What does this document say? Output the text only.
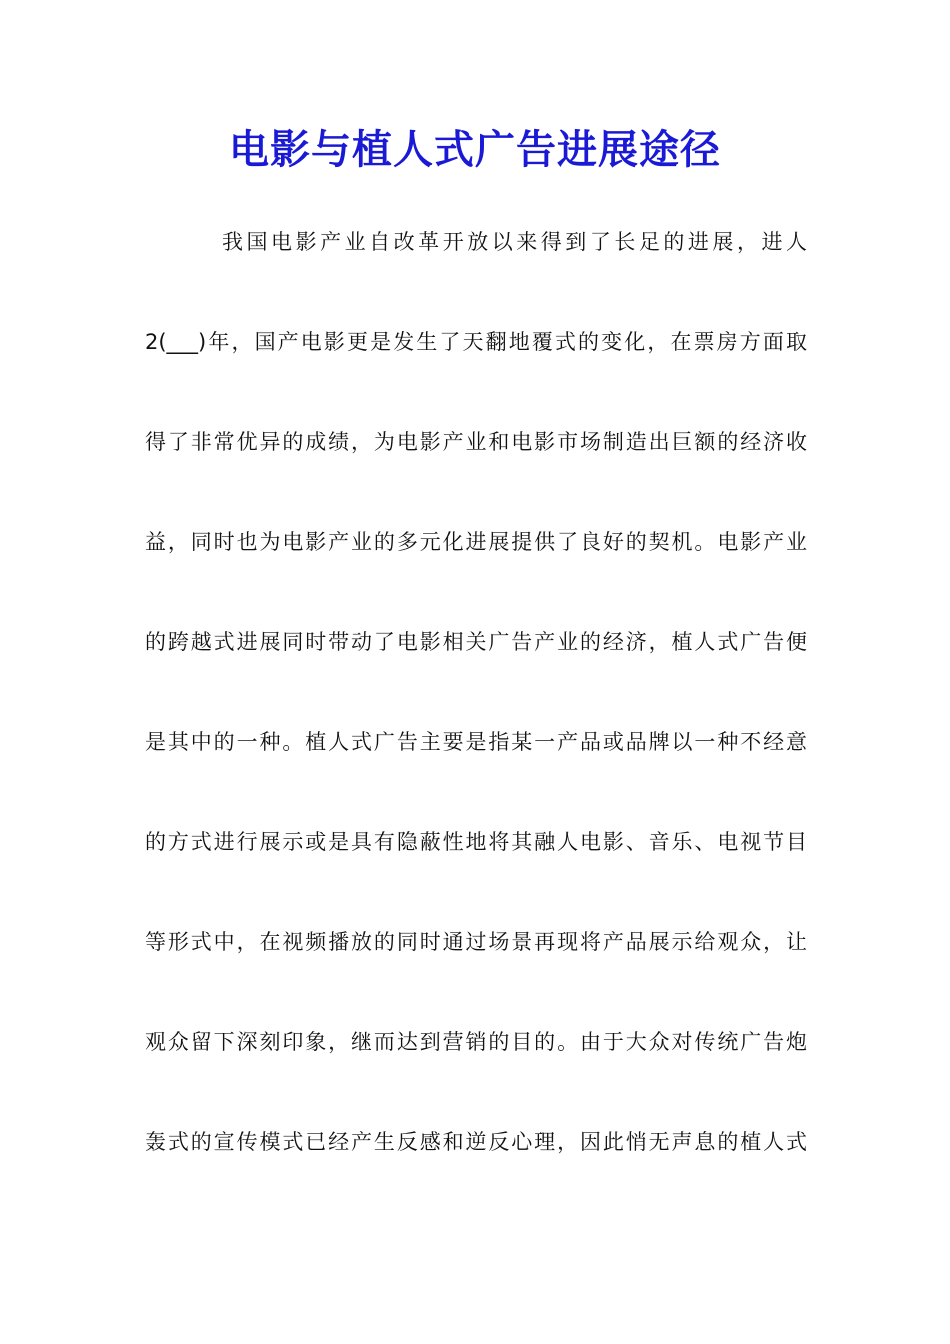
电影与植人式广告进展途径

我国电影产业自改革开放以来得到了长足的进展，进人

2(___)年，国产电影更是发生了天翻地覆式的变化，在票房方面取

得了非常优异的成绩，为电影产业和电影市场制造出巨额的经济收

益，同时也为电影产业的多元化进展提供了良好的契机。电影产业

的跨越式进展同时带动了电影相关广告产业的经济，植人式广告便

是其中的一种。植人式广告主要是指某一产品或品牌以一种不经意

的方式进行展示或是具有隐蔽性地将其融人电影、音乐、电视节目

等形式中，在视频播放的同时通过场景再现将产品展示给观众，让

观众留下深刻印象，继而达到营销的目的。由于大众对传统广告炮

轰式的宣传模式已经产生反感和逆反心理，因此悄无声息的植人式
